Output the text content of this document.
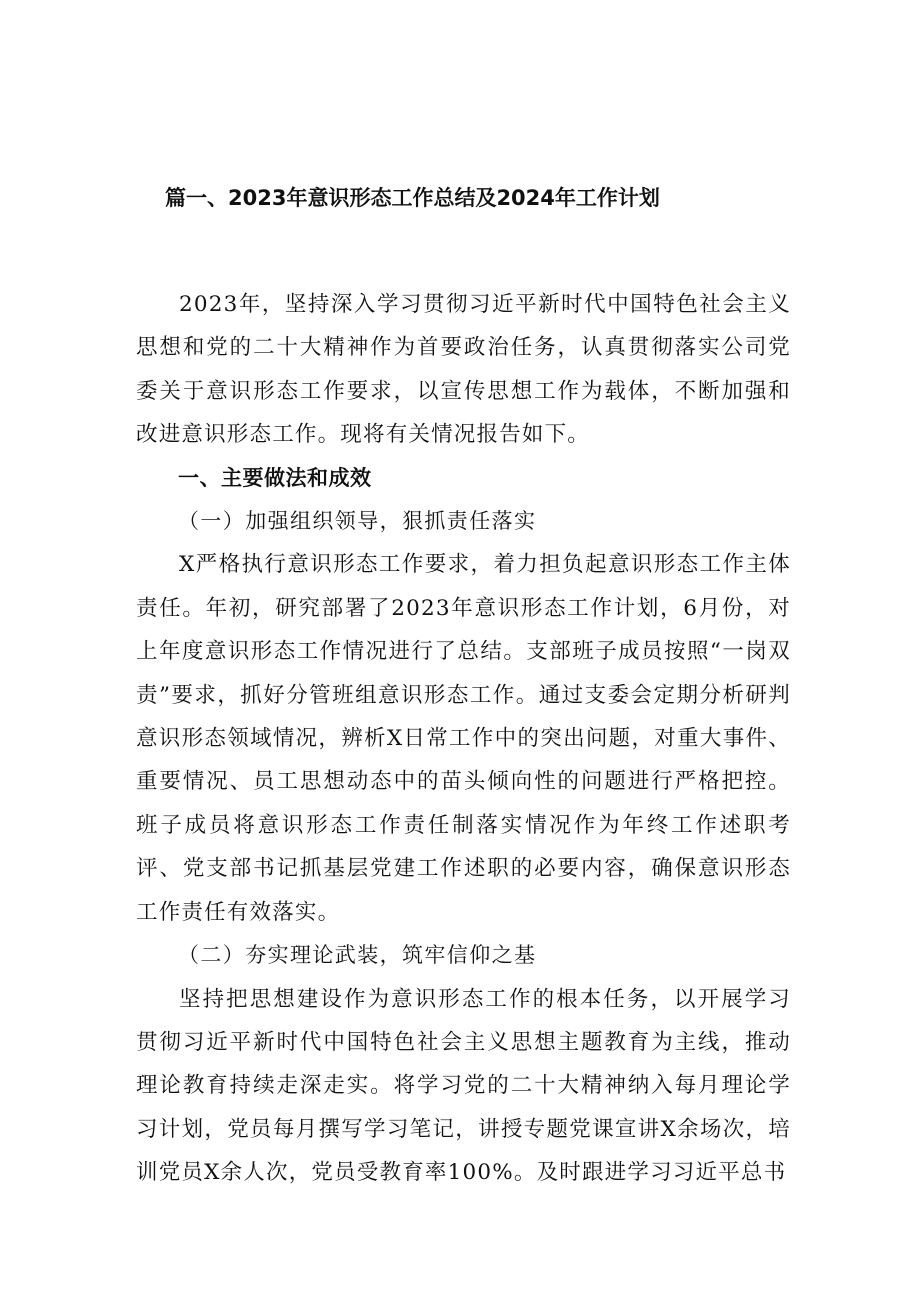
篇一、2023年意识形态工作总结及2024年工作计划

2023年，坚持深入学习贯彻习近平新时代中国特色社会主义思想和党的二十大精神作为首要政治任务，认真贯彻落实公司党委关于意识形态工作要求，以宣传思想工作为载体，不断加强和改进意识形态工作。现将有关情况报告如下。

一、主要做法和成效

（一）加强组织领导，狠抓责任落实

X严格执行意识形态工作要求，着力担负起意识形态工作主体责任。年初，研究部署了2023年意识形态工作计划，6月份，对上年度意识形态工作情况进行了总结。支部班子成员按照“一岗双责”要求，抓好分管班组意识形态工作。通过支委会定期分析研判意识形态领域情况，辨析X日常工作中的突出问题，对重大事件、重要情况、员工思想动态中的苗头倾向性的问题进行严格把控。班子成员将意识形态工作责任制落实情况作为年终工作述职考评、党支部书记抓基层党建工作述职的必要内容，确保意识形态工作责任有效落实。

（二）夯实理论武装，筑牢信仰之基

坚持把思想建设作为意识形态工作的根本任务，以开展学习贯彻习近平新时代中国特色社会主义思想主题教育为主线，推动理论教育持续走深走实。将学习党的二十大精神纳入每月理论学习计划，党员每月撰写学习笔记，讲授专题党课宣讲X余场次，培训党员X余人次，党员受教育率100%。及时跟进学习习近平总书
